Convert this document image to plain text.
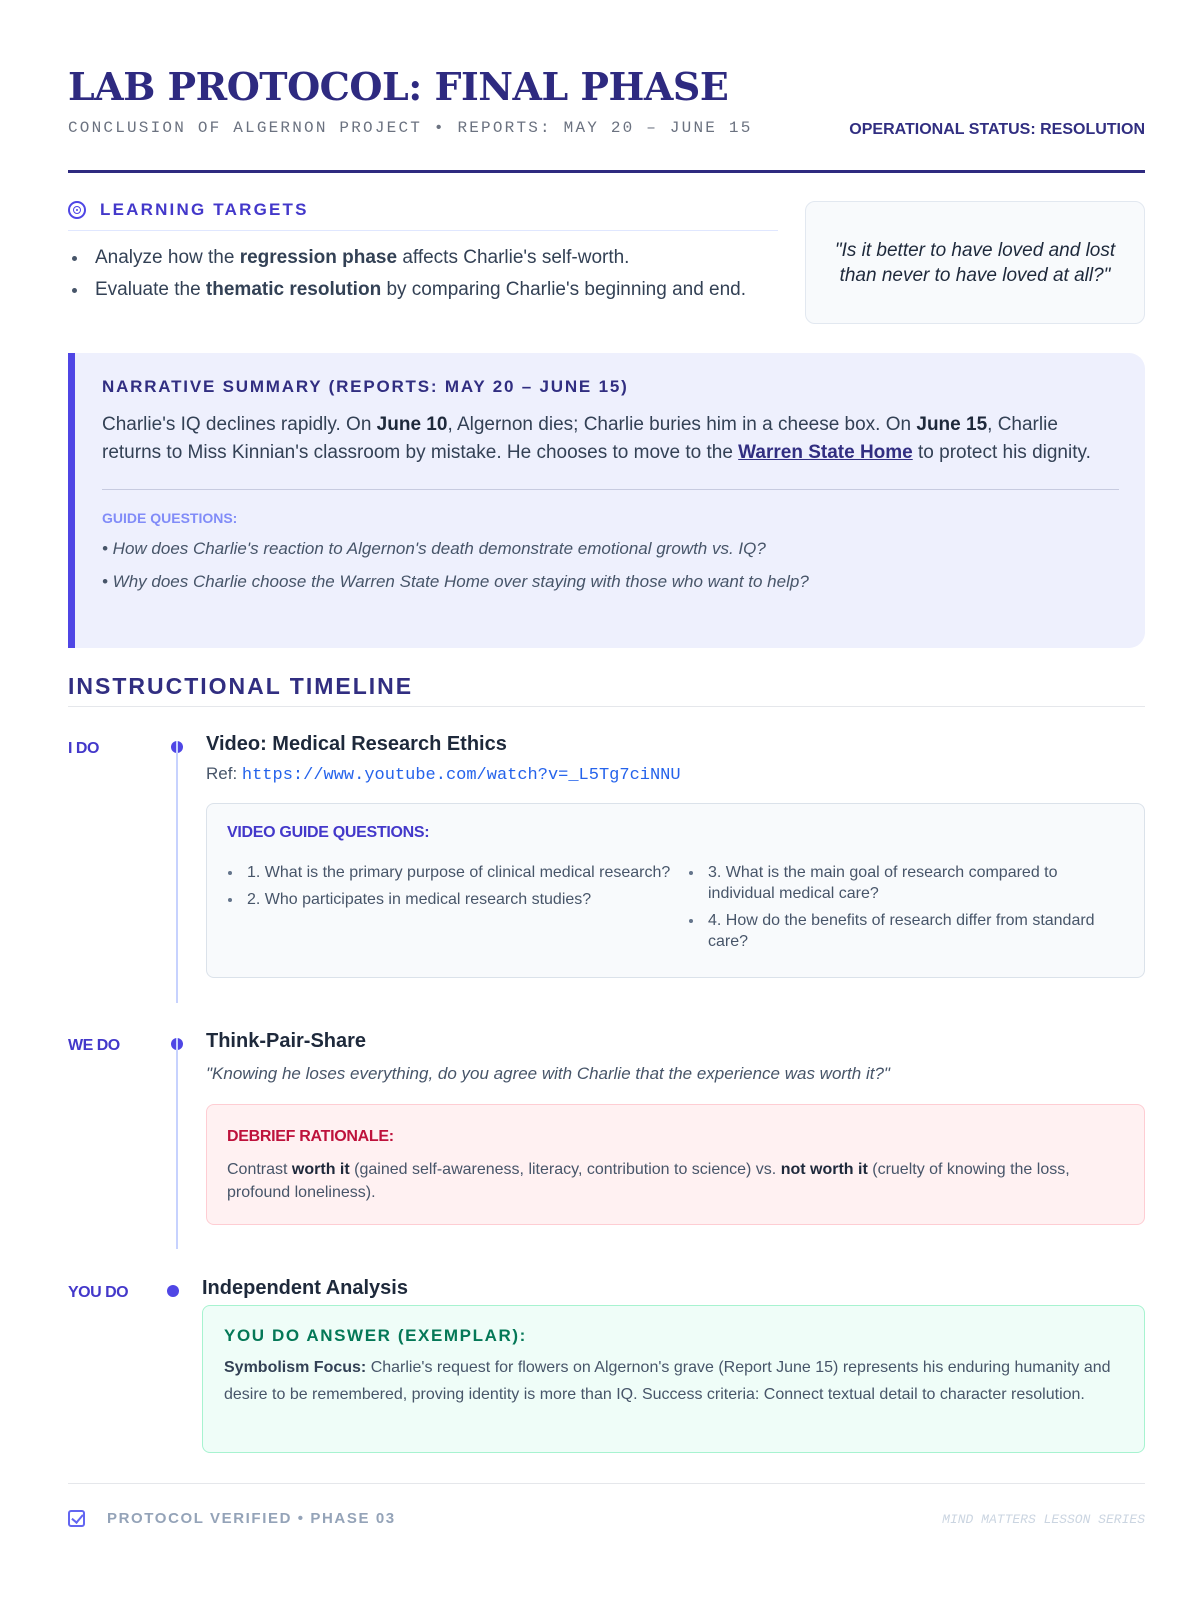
LAB PROTOCOL: FINAL PHASE
CONCLUSION OF ALGERNON PROJECT • REPORTS: MAY 20 – JUNE 15	OPERATIONAL STATUS: RESOLUTION
LEARNING TARGETS
Analyze how the regression phase affects Charlie's self-worth.
Evaluate the thematic resolution by comparing Charlie's beginning and end.

"Is it better to have loved and lost than never to have loved at all?"

NARRATIVE SUMMARY (REPORTS: MAY 20 – JUNE 15)

Charlie's IQ declines rapidly. On June 10, Algernon dies; Charlie buries him in a cheese box. On June 15, Charlie returns to Miss Kinnian's classroom by mistake. He chooses to move to the Warren State Home to protect his dignity.

GUIDE QUESTIONS:

• How does Charlie's reaction to Algernon's death demonstrate emotional growth vs. IQ?

• Why does Charlie choose the Warren State Home over staying with those who want to help?

INSTRUCTIONAL TIMELINE
I DO	Video: Medical Research Ethics
Ref: https://www.youtube.com/watch?v=_L5Tg7ciNNU
VIDEO GUIDE QUESTIONS:
1. What is the primary purpose of clinical medical research?
2. Who participates in medical research studies?
3. What is the main goal of research compared to individual medical care?
4. How do the benefits of research differ from standard care?
WE DO	Think-Pair-Share
"Knowing he loses everything, do you agree with Charlie that the experience was worth it?"
DEBRIEF RATIONALE:

Contrast worth it (gained self-awareness, literacy, contribution to science) vs. not worth it (cruelty of knowing the loss, profound loneliness).

YOU DO	Independent Analysis
YOU DO ANSWER (EXEMPLAR):

Symbolism Focus: Charlie's request for flowers on Algernon's grave (Report June 15) represents his enduring humanity and desire to be remembered, proving identity is more than IQ. Success criteria: Connect textual detail to character resolution.

PROTOCOL VERIFIED • PHASE 03	MIND MATTERS LESSON SERIES
